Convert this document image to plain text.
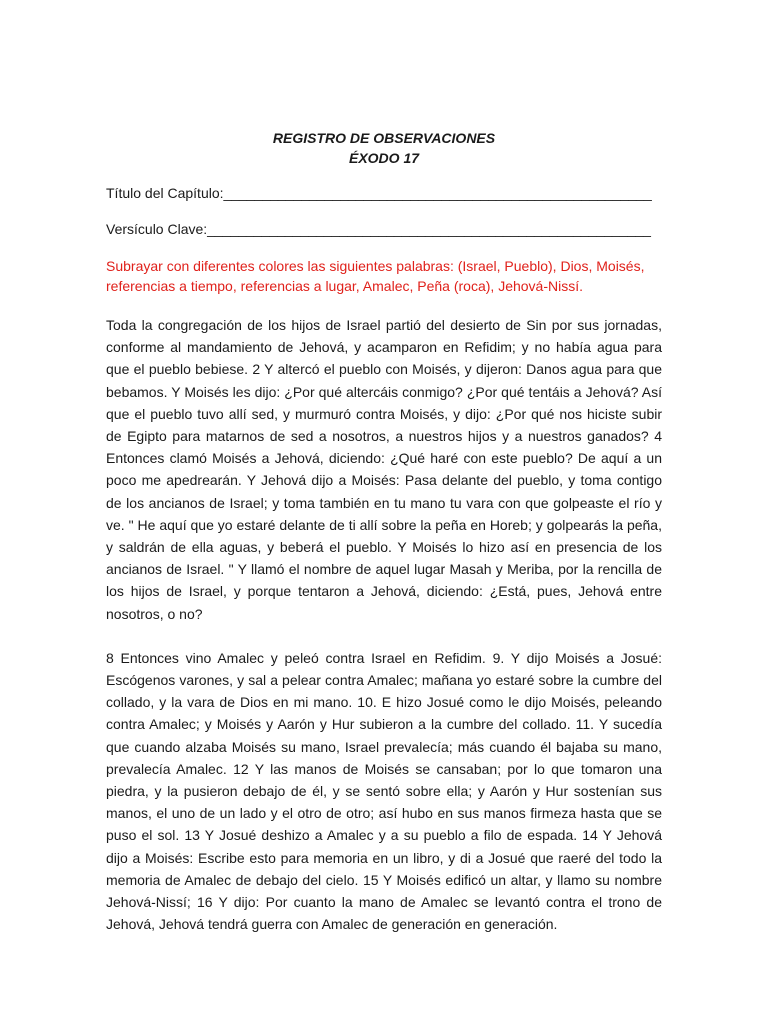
REGISTRO DE OBSERVACIONES
ÉXODO 17
Título del Capítulo:_______________________________________________________
Versículo Clave:_________________________________________________________
Subrayar con diferentes colores las siguientes palabras: (Israel, Pueblo), Dios, Moisés, referencias a tiempo, referencias a lugar, Amalec, Peña (roca), Jehová-Nissí.
Toda la congregación de los hijos de Israel partió del desierto de Sin por sus jornadas, conforme al mandamiento de Jehová, y acamparon en Refidim; y no había agua para que el pueblo bebiese. 2 Y altercó el pueblo con Moisés, y dijeron: Danos agua para que bebamos. Y Moisés les dijo: ¿Por qué altercáis conmigo? ¿Por qué tentáis a Jehová? Así que el pueblo tuvo allí sed, y murmuró contra Moisés, y dijo: ¿Por qué nos hiciste subir de Egipto para matarnos de sed a nosotros, a nuestros hijos y a nuestros ganados? 4 Entonces clamó Moisés a Jehová, diciendo: ¿Qué haré con este pueblo? De aquí a un poco me apedrearán. Y Jehová dijo a Moisés: Pasa delante del pueblo, y toma contigo de los ancianos de Israel; y toma también en tu mano tu vara con que golpeaste el río y ve. " He aquí que yo estaré delante de ti allí sobre la peña en Horeb; y golpearás la peña, y saldrán de ella aguas, y beberá el pueblo. Y Moisés lo hizo así en presencia de los ancianos de Israel. " Y llamó el nombre de aquel lugar Masah y Meriba, por la rencilla de los hijos de Israel, y porque tentaron a Jehová, diciendo: ¿Está, pues, Jehová entre nosotros, o no?
8 Entonces vino Amalec y peleó contra Israel en Refidim. 9. Y dijo Moisés a Josué: Escógenos varones, y sal a pelear contra Amalec; mañana yo estaré sobre la cumbre del collado, y la vara de Dios en mi mano. 10. E hizo Josué como le dijo Moisés, peleando contra Amalec; y Moisés y Aarón y Hur subieron a la cumbre del collado. 11. Y sucedía que cuando alzaba Moisés su mano, Israel prevalecía; más cuando él bajaba su mano, prevalecía Amalec. 12 Y las manos de Moisés se cansaban; por lo que tomaron una piedra, y la pusieron debajo de él, y se sentó sobre ella; y Aarón y Hur sostenían sus manos, el uno de un lado y el otro de otro; así hubo en sus manos firmeza hasta que se puso el sol. 13 Y Josué deshizo a Amalec y a su pueblo a filo de espada. 14 Y Jehová dijo a Moisés: Escribe esto para memoria en un libro, y di a Josué que raeré del todo la memoria de Amalec de debajo del cielo. 15 Y Moisés edificó un altar, y llamo su nombre Jehová-Nissí; 16 Y dijo: Por cuanto la mano de Amalec se levantó contra el trono de Jehová, Jehová tendrá guerra con Amalec de generación en generación.
